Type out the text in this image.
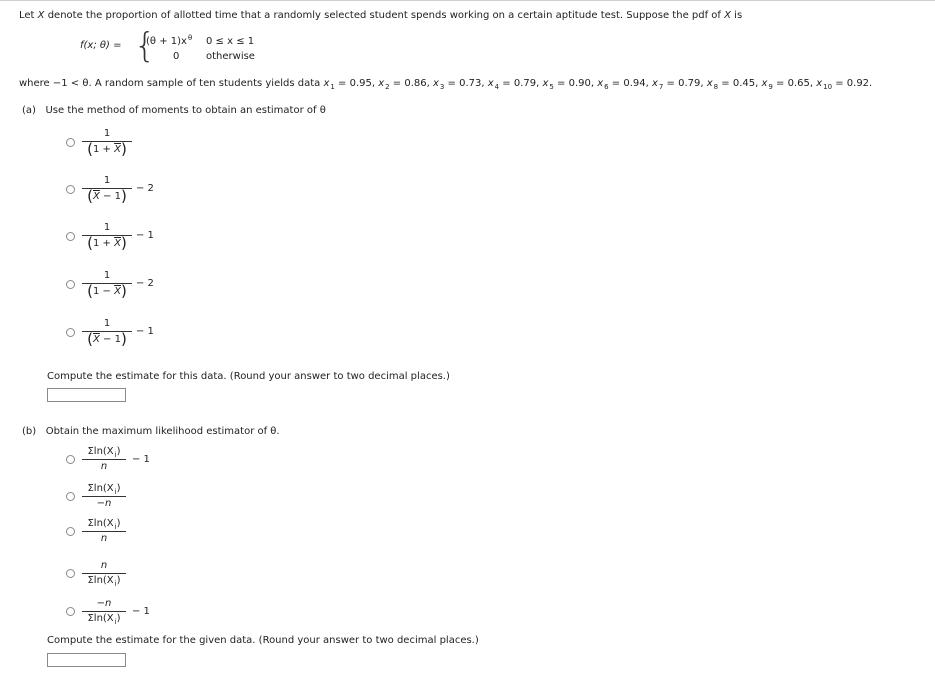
Let X denote the proportion of allotted time that a randomly selected student spends working on a certain aptitude test. Suppose the pdf of X is
f(x; θ) = {
$(\theta + 1)x^\theta$ 0 ≤ x ≤ 1
0	otherwise
where −1 < θ. A random sample of ten students yields data $x_1 = 0.95$, $x_2 = 0.86$, $x_3 = 0.73$, $x_4 = 0.79$, $x_5 = 0.90$, $x_6 = 0.94$, $x_7 = 0.79$, $x_8 = 0.45$, $x_9 = 0.65$, $x_{10} = 0.92$.
(a) Use the method of moments to obtain an estimator of θ
1
$(1 + \overline{X})$
1
$(\overline{X} - 1) - 2$
1
$(1 + \overline{X}) - 1$
1
$(1 - \overline{X}) - 2$
1
$(\overline{X} - 1) - 1$
Compute the estimate for this data. (Round your answer to two decimal places.)
(b) Obtain the maximum likelihood estimator of θ.
$\Sigma\ln(X_i)$
n
− 1
$\Sigma\ln(X_i)$
−n
$\Sigma\ln(X_i)$
n
n
$\Sigma\ln(X_i)$
−n
$\Sigma\ln(X_i)$
− 1
Compute the estimate for the given data. (Round your answer to two decimal places.)
